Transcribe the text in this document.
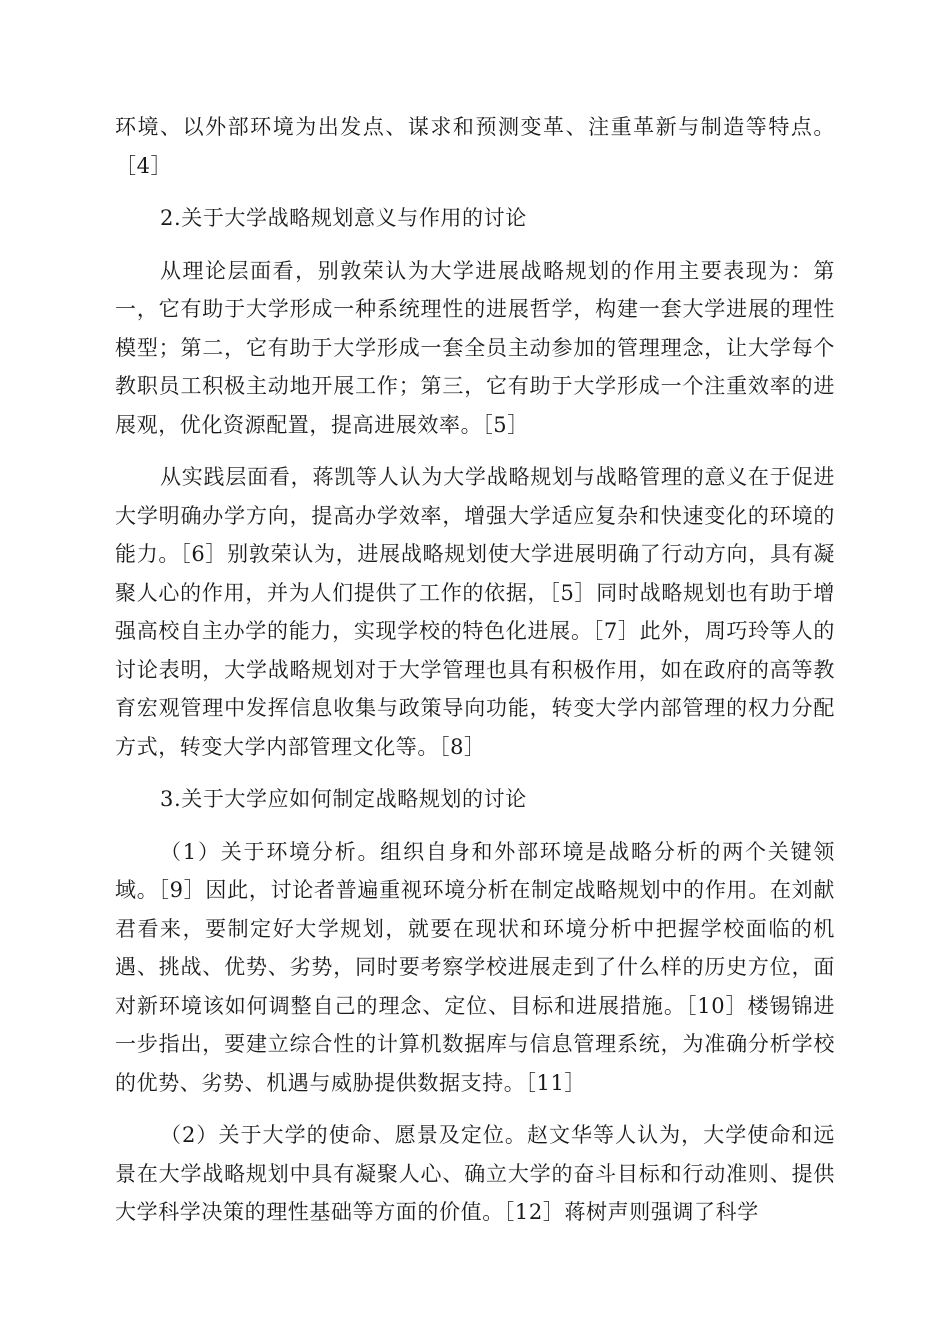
环境、以外部环境为出发点、谋求和预测变革、注重革新与制造等特点。［4］

2.关于大学战略规划意义与作用的讨论

从理论层面看，别敦荣认为大学进展战略规划的作用主要表现为：第一，它有助于大学形成一种系统理性的进展哲学，构建一套大学进展的理性模型；第二，它有助于大学形成一套全员主动参加的管理理念，让大学每个教职员工积极主动地开展工作；第三，它有助于大学形成一个注重效率的进展观，优化资源配置，提高进展效率。［5］

从实践层面看，蒋凯等人认为大学战略规划与战略管理的意义在于促进大学明确办学方向，提高办学效率，增强大学适应复杂和快速变化的环境的能力。［6］别敦荣认为，进展战略规划使大学进展明确了行动方向，具有凝聚人心的作用，并为人们提供了工作的依据，［5］同时战略规划也有助于增强高校自主办学的能力，实现学校的特色化进展。［7］此外，周巧玲等人的讨论表明，大学战略规划对于大学管理也具有积极作用，如在政府的高等教育宏观管理中发挥信息收集与政策导向功能，转变大学内部管理的权力分配方式，转变大学内部管理文化等。［8］

3.关于大学应如何制定战略规划的讨论

（1）关于环境分析。组织自身和外部环境是战略分析的两个关键领域。［9］因此，讨论者普遍重视环境分析在制定战略规划中的作用。在刘献君看来，要制定好大学规划，就要在现状和环境分析中把握学校面临的机遇、挑战、优势、劣势，同时要考察学校进展走到了什么样的历史方位，面对新环境该如何调整自己的理念、定位、目标和进展措施。［10］楼锡锦进一步指出，要建立综合性的计算机数据库与信息管理系统，为准确分析学校的优势、劣势、机遇与威胁提供数据支持。［11］

（2）关于大学的使命、愿景及定位。赵文华等人认为，大学使命和远景在大学战略规划中具有凝聚人心、确立大学的奋斗目标和行动准则、提供大学科学决策的理性基础等方面的价值。［12］蒋树声则强调了科学
